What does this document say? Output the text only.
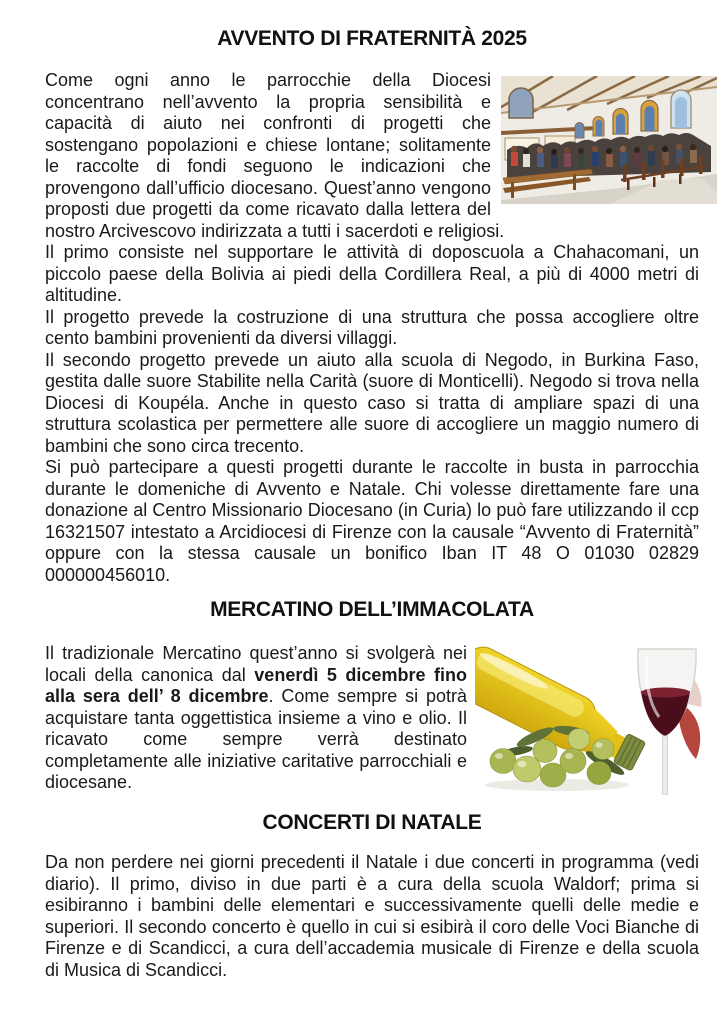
AVVENTO DI FRATERNITÀ 2025

Come ogni anno le parrocchie della Diocesi concentrano nell’avvento la propria sensibilità e capacità di aiuto nei confronti di progetti che sostengano popolazioni e chiese lontane; solitamente le raccolte di fondi seguono le indicazioni che provengono dall’ufficio diocesano. Quest’anno vengono proposti due progetti da come ricavato dalla lettera del nostro Arcivescovo indirizzata a tutti i sacerdoti e religiosi.

Il primo consiste nel supportare le attività di doposcuola a Chahacomani, un piccolo paese della Bolivia ai piedi della Cordillera Real, a più di 4000 metri di altitudine.

Il progetto prevede la costruzione di una struttura che possa accogliere oltre cento bambini provenienti da diversi villaggi.

Il secondo progetto prevede un aiuto alla scuola di Negodo, in Burkina Faso, gestita dalle suore Stabilite nella Carità (suore di Monticelli). Negodo si trova nella Diocesi di Koupéla. Anche in questo caso si tratta di ampliare spazi di una struttura scolastica per permettere alle suore di accogliere un maggio numero di bambini che sono circa trecento.

Si può partecipare a questi progetti durante le raccolte in busta in parrocchia durante le domeniche di Avvento e Natale. Chi volesse direttamente fare una donazione al Centro Missionario Diocesano (in Curia) lo può fare utilizzando il ccp 16321507 intestato a Arcidiocesi di Firenze con la causale “Avvento di Fraternità” oppure con la stessa causale un bonifico Iban IT 48 O 01030 02829 000000456010.

MERCATINO DELL’IMMACOLATA

Il tradizionale Mercatino quest’anno si svolgerà nei locali della canonica dal venerdì 5 dicembre fino alla sera dell’ 8 dicembre. Come sempre si potrà acquistare tanta oggettistica insieme a vino e olio. Il ricavato come sempre verrà destinato completamente alle iniziative caritative parrocchiali e diocesane.

CONCERTI DI NATALE

Da non perdere nei giorni precedenti il Natale i due concerti in programma (vedi diario). Il primo, diviso in due parti è a cura della scuola Waldorf; prima si esibiranno i bambini delle elementari e successivamente quelli delle medie e superiori. Il secondo concerto è quello in cui si esibirà il coro delle Voci Bianche di Firenze e di Scandicci, a cura dell’accademia musicale di Firenze e della scuola di Musica di Scandicci.
